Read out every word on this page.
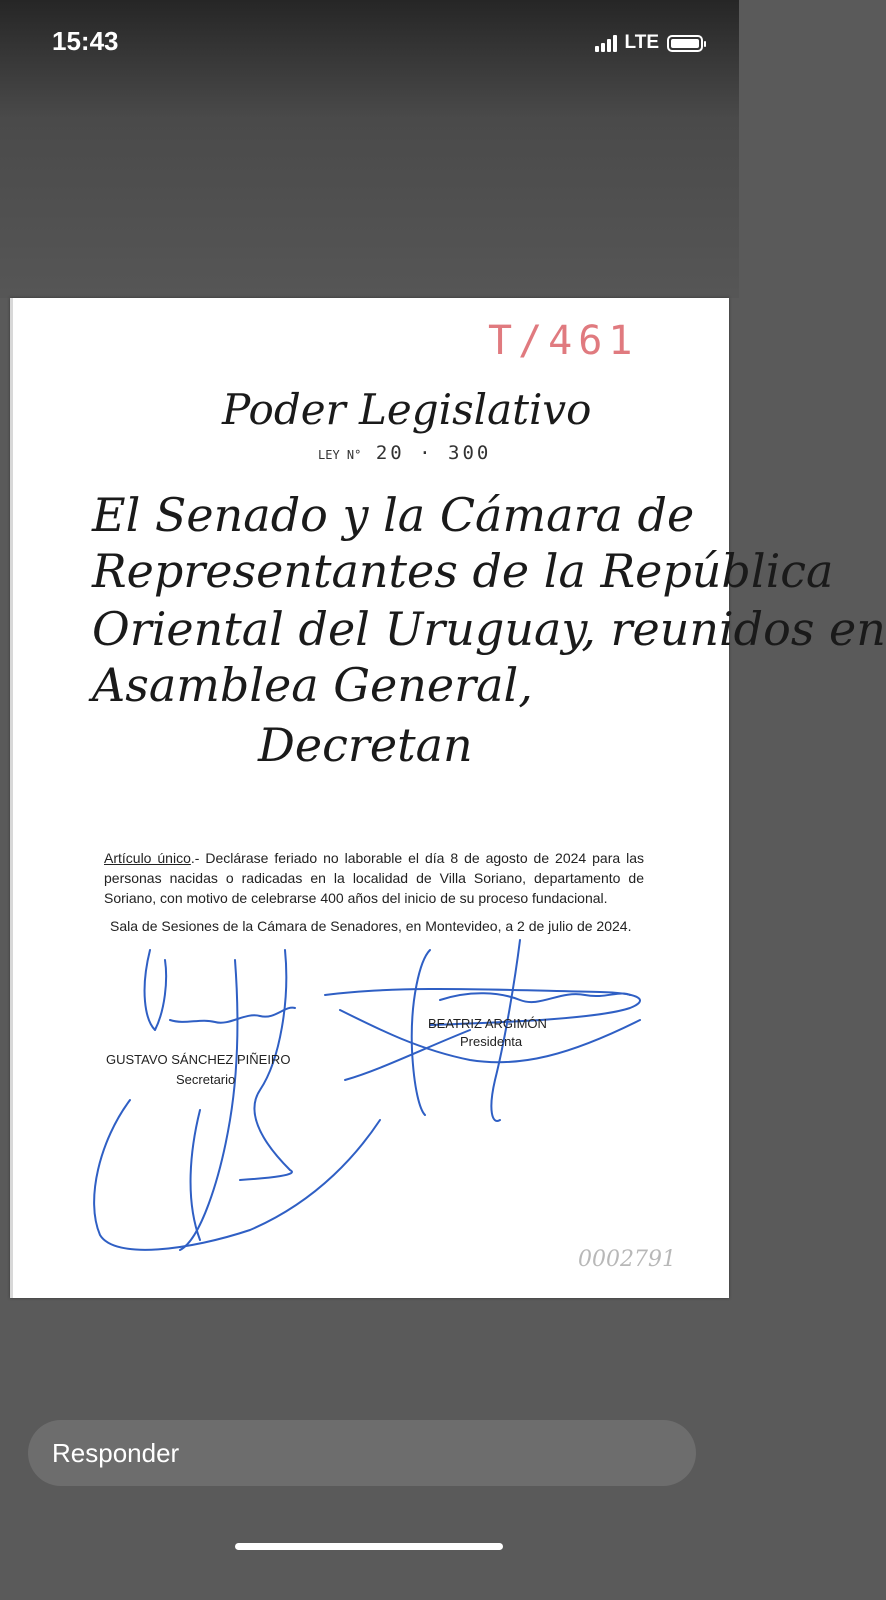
15:43	LTE
T/461
Poder Legislativo
LEY N° 20 · 300
El Senado y la Cámara de
Representantes de la República
Oriental del Uruguay, reunidos en
Asamblea General,
Decretan
Artículo único.- Declárase feriado no laborable el día 8 de agosto de 2024 para las personas nacidas o radicadas en la localidad de Villa Soriano, departamento de Soriano, con motivo de celebrarse 400 años del inicio de su proceso fundacional.
Sala de Sesiones de la Cámara de Senadores, en Montevideo, a 2 de julio de 2024.
GUSTAVO SÁNCHEZ PIÑEIRO
Secretario
BEATRIZ ARGIMÓN
Presidenta
0002791
Responder
